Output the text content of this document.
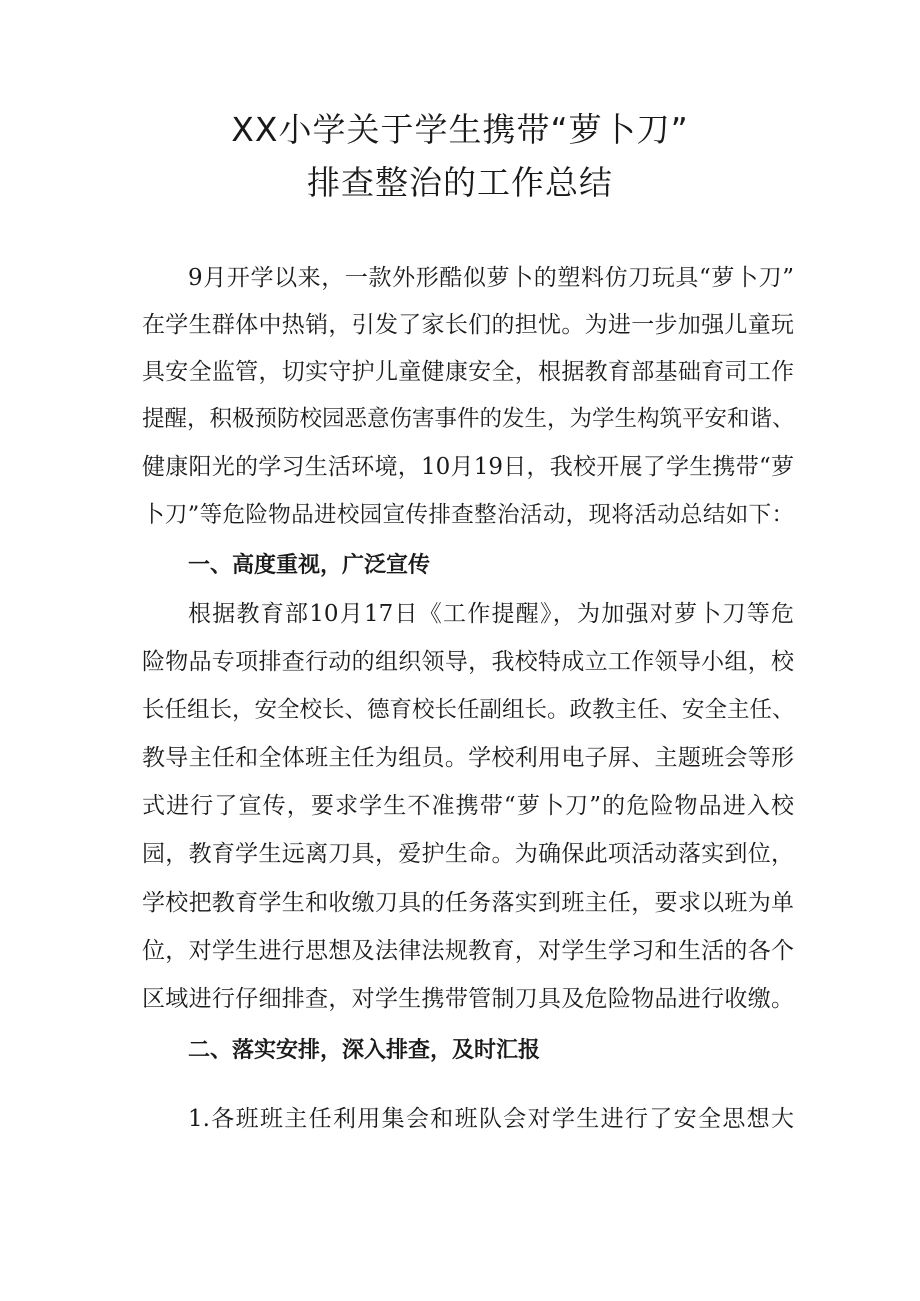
XX小学关于学生携带“萝卜刀”
排查整治的工作总结

9月开学以来，一款外形酷似萝卜的塑料仿刀玩具“萝卜刀”

在学生群体中热销，引发了家长们的担忧。为进一步加强儿童玩

具安全监管，切实守护儿童健康安全，根据教育部基础育司工作

提醒，积极预防校园恶意伤害事件的发生，为学生构筑平安和谐、

健康阳光的学习生活环境，10月19日，我校开展了学生携带“萝

卜刀”等危险物品进校园宣传排查整治活动，现将活动总结如下：

一、高度重视，广泛宣传

根据教育部10月17日《工作提醒》，为加强对萝卜刀等危

险物品专项排查行动的组织领导，我校特成立工作领导小组，校

长任组长，安全校长、德育校长任副组长。政教主任、安全主任、

教导主任和全体班主任为组员。学校利用电子屏、主题班会等形

式进行了宣传，要求学生不准携带“萝卜刀”的危险物品进入校

园，教育学生远离刀具，爱护生命。为确保此项活动落实到位，

学校把教育学生和收缴刀具的任务落实到班主任，要求以班为单

位，对学生进行思想及法律法规教育，对学生学习和生活的各个

区域进行仔细排查，对学生携带管制刀具及危险物品进行收缴。

二、落实安排，深入排查，及时汇报

1.各班班主任利用集会和班队会对学生进行了安全思想大
